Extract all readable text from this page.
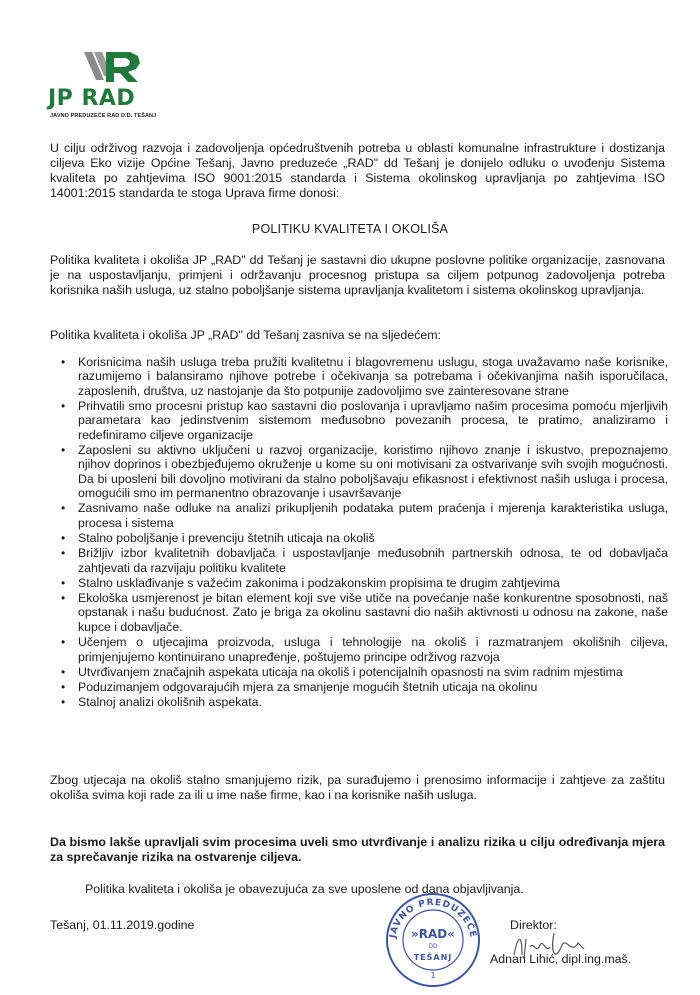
JP RAD
JAVNO PREDUZEĆE RAD D.D. TEŠANJ
U cilju održivog razvoja i zadovoljenja općedruštvenih potreba u oblasti komunalne infrastrukture i dostizanja ciljeva Eko vizije Općine Tešanj, Javno preduzeće „RAD" dd Tešanj je donijelo odluku o uvođenju Sistema kvaliteta po zahtjevima ISO 9001:2015 standarda i Sistema okolinskog upravljanja po zahtjevima ISO 14001:2015 standarda te stoga Uprava firme donosi:
POLITIKU KVALITETA I OKOLIŠA
Politika kvaliteta i okoliša JP „RAD" dd Tešanj je sastavni dio ukupne poslovne politike organizacije, zasnovana je na uspostavljanju, primjeni i održavanju procesnog pristupa sa ciljem potpunog zadovoljenja potreba korisnika naših usluga, uz stalno poboljšanje sistema upravljanja kvalitetom i sistema okolinskog upravljanja.
Politika kvaliteta i okoliša JP „RAD" dd Tešanj zasniva se na sljedećem:
• Korisnicima naših usluga treba pružiti kvalitetnu i blagovremenu uslugu, stoga uvažavamo naše korisnike, razumijemo i balansiramo njihove potrebe i očekivanja sa potrebama i očekivanjima naših isporučilaca, zaposlenih, društva, uz nastojanje da što potpunije zadovoljimo sve zainteresovane strane
• Prihvatili smo procesni pristup kao sastavni dio poslovanja i upravljamo našim procesima pomoću mjerljivih parametara kao jedinstvenim sistemom međusobno povezanih procesa, te pratimo, analiziramo i redefiniramo ciljeve organizacije
• Zaposleni su aktivno uključeni u razvoj organizacije, koristimo njihovo znanje i iskustvo, prepoznajemo njihov doprinos i obezbjeđujemo okruženje u kome su oni motivisani za ostvarivanje svih svojih mogućnosti. Da bi uposleni bili dovoljno motivirani da stalno poboljšavaju efikasnost i efektivnost naših usluga i procesa, omogućili smo im permanentno obrazovanje i usavršavanje
• Zasnivamo naše odluke na analizi prikupljenih podataka putem praćenja i mjerenja karakteristika usluga, procesa i sistema
• Stalno poboljšanje i prevenciju štetnih uticaja na okoliš
• Brižljiv izbor kvalitetnih dobavljača i uspostavljanje međusobnih partnerskih odnosa, te od dobavljača zahtjevati da razvijaju politiku kvalitete
• Stalno usklađivanje s važećim zakonima i podzakonskim propisima te drugim zahtjevima
• Ekološka usmjerenost je bitan element koji sve više utiče na povećanje naše konkurentne sposobnosti, naš opstanak i našu budućnost. Zato je briga za okolinu sastavni dio naših aktivnosti u odnosu na zakone, naše kupce i dobavljače.
• Učenjem o utjecajima proizvoda, usluga i tehnologije na okoliš i razmatranjem okolišnih ciljeva, primjenjujemo kontinuirano unapređenje, poštujemo principe održivog razvoja
• Utvrđivanjem značajnih aspekata uticaja na okoliš i potencijalnih opasnosti na svim radnim mjestima
• Poduzimanjem odgovarajućih mjera za smanjenje mogućih štetnih uticaja na okolinu
• Stalnoj analizi okolišnih aspekata.
Zbog utjecaja na okoliš stalno smanjujemo rizik, pa surađujemo i prenosimo informacije i zahtjeve za zaštitu okoliša svima koji rade za ili u ime naše firme, kao i na korisnike naših usluga.
Da bismo lakše upravljali svim procesima uveli smo utvrđivanje i analizu rizika u cilju određivanja mjera za sprečavanje rizika na ostvarenje ciljeva.
Politika kvaliteta i okoliša je obavezujuća za sve uposlene od dana objavljivanja.
Tešanj, 01.11.2019.godine
JAVNO PREDUZEĆE
»RAD«
DD
TEŠANJ
1
Direktor:
Adnan Lihić, dipl.ing.maš.
